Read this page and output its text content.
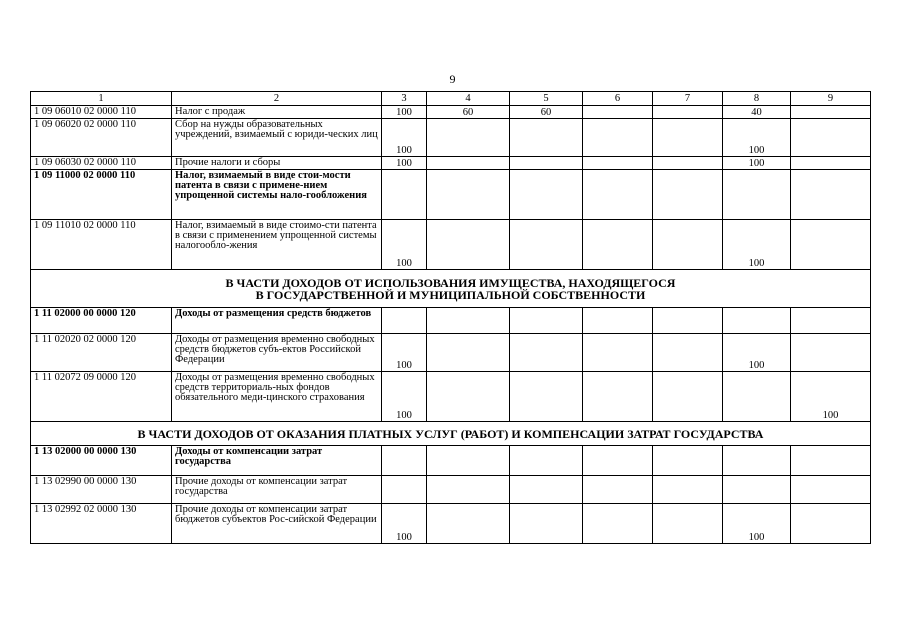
9
1	2	3	4	5	6	7	8	9
1 09 06010 02 0000 110	Налог с продаж	100	60	60			40	
1 09 06020 02 0000 110	Сбор на нужды образовательных учреждений, взимаемый с юриди-ческих лиц	100					100	
1 09 06030 02 0000 110	Прочие налоги и сборы	100					100	
1 09 11000 02 0000 110	Налог, взимаемый в виде стои-мости патента в связи с примене-нием упрощенной системы нало-гообложения							
1 09 11010 02 0000 110	Налог, взимаемый в виде стоимо-сти патента в связи с применением упрощенной системы налогообло-жения	100					100	

В ЧАСТИ ДОХОДОВ ОТ ИСПОЛЬЗОВАНИЯ ИМУЩЕСТВА, НАХОДЯЩЕГОСЯ
В ГОСУДАРСТВЕННОЙ И МУНИЦИПАЛЬНОЙ СОБСТВЕННОСТИ								

1 11 02000 00 0000 120	Доходы от размещения средств бюджетов							
1 11 02020 02 0000 120	Доходы от размещения временно свободных средств бюджетов субъ-ектов Российской Федерации	100					100	
1 11 02072 09 0000 120	Доходы от размещения временно свободных средств территориаль-ных фондов обязательного меди-цинского страхования	100						100

В ЧАСТИ ДОХОДОВ ОТ ОКАЗАНИЯ ПЛАТНЫХ УСЛУГ (РАБОТ) И КОМПЕНСАЦИИ ЗАТРАТ ГОСУДАРСТВА								

1 13 02000 00 0000 130	Доходы от компенсации затрат государства							
1 13 02990 00 0000 130	Прочие доходы от компенсации затрат государства							
1 13 02992 02 0000 130	Прочие доходы от компенсации затрат бюджетов субъектов Рос-сийской Федерации	100					100	
